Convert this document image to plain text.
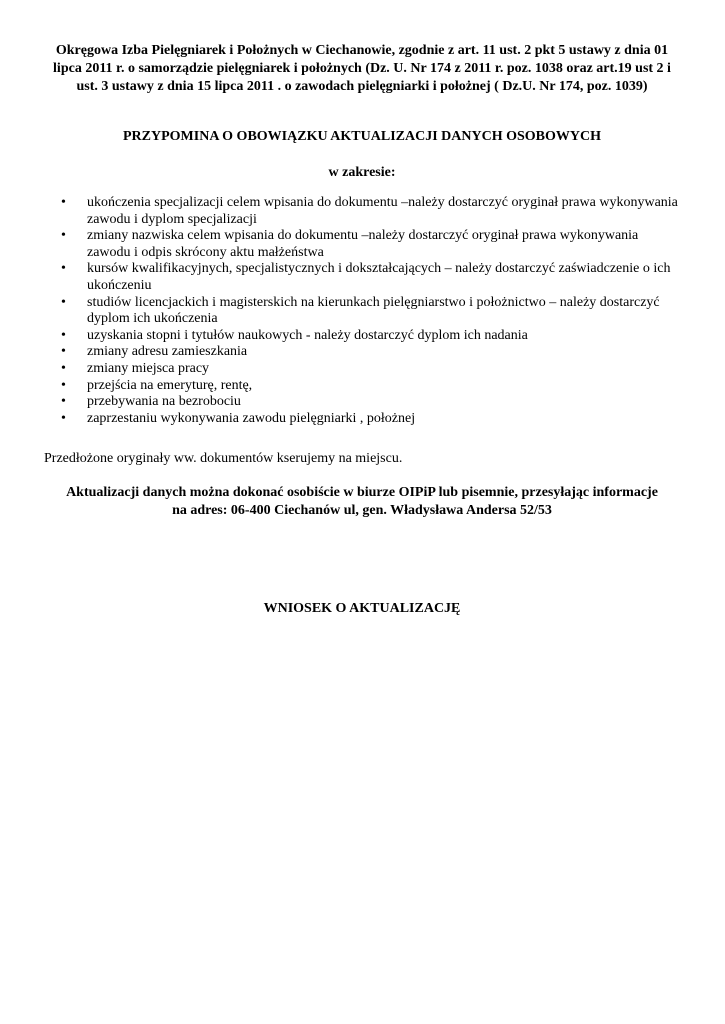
Okręgowa Izba Pielęgniarek i Położnych w Ciechanowie, zgodnie z art. 11 ust. 2 pkt 5 ustawy z dnia 01 lipca 2011 r. o samorządzie pielęgniarek i położnych (Dz. U. Nr 174 z 2011 r. poz. 1038 oraz art.19 ust 2 i ust. 3 ustawy z dnia 15 lipca 2011 . o zawodach pielęgniarki i położnej ( Dz.U. Nr 174, poz. 1039)
PRZYPOMINA O OBOWIĄZKU AKTUALIZACJI DANYCH OSOBOWYCH
w zakresie:
• ukończenia specjalizacji celem wpisania do dokumentu –należy dostarczyć oryginał prawa wykonywania zawodu i dyplom specjalizacji
• zmiany nazwiska celem wpisania do dokumentu –należy dostarczyć oryginał prawa wykonywania zawodu i odpis skrócony aktu małżeństwa
• kursów kwalifikacyjnych, specjalistycznych i dokształcających – należy dostarczyć zaświadczenie o ich ukończeniu
• studiów licencjackich i magisterskich na kierunkach pielęgniarstwo i położnictwo – należy dostarczyć dyplom ich ukończenia
• uzyskania stopni i tytułów naukowych - należy dostarczyć dyplom ich nadania
• zmiany adresu zamieszkania
• zmiany miejsca pracy
• przejścia na emeryturę, rentę,
• przebywania na bezrobociu
• zaprzestaniu wykonywania zawodu pielęgniarki , położnej
Przedłożone oryginały ww. dokumentów kserujemy na miejscu.
Aktualizacji danych można dokonać osobiście w biurze OIPiP lub pisemnie, przesyłając informacje
na adres: 06-400 Ciechanów ul, gen. Władysława Andersa 52/53
WNIOSEK O AKTUALIZACJĘ
